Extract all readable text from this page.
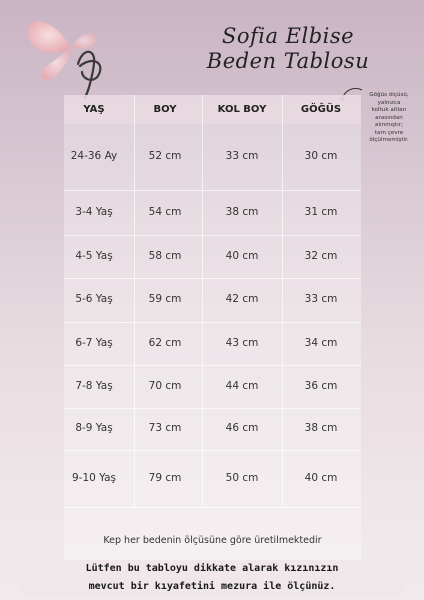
Sofia Elbise
Beden Tablosu
Göğüs ölçüsü,
yalnızca
koltuk altları
arasından
alınmıştır;
tam çevre
ölçülmemiştir.
YAŞ	BOY	KOL BOY	GÖĞÜS
24-36 Ay	52 cm	33 cm	30 cm
3-4 Yaş	54 cm	38 cm	31 cm
4-5 Yaş	58 cm	40 cm	32 cm
5-6 Yaş	59 cm	42 cm	33 cm
6-7 Yaş	62 cm	43 cm	34 cm
7-8 Yaş	70 cm	44 cm	36 cm
8-9 Yaş	73 cm	46 cm	38 cm
9-10 Yaş	79 cm	50 cm	40 cm
Kep her bedenin ölçüsüne göre üretilmektedir
Lütfen bu tabloyu dikkate alarak kızınızın
mevcut bir kıyafetini mezura ile ölçünüz.
